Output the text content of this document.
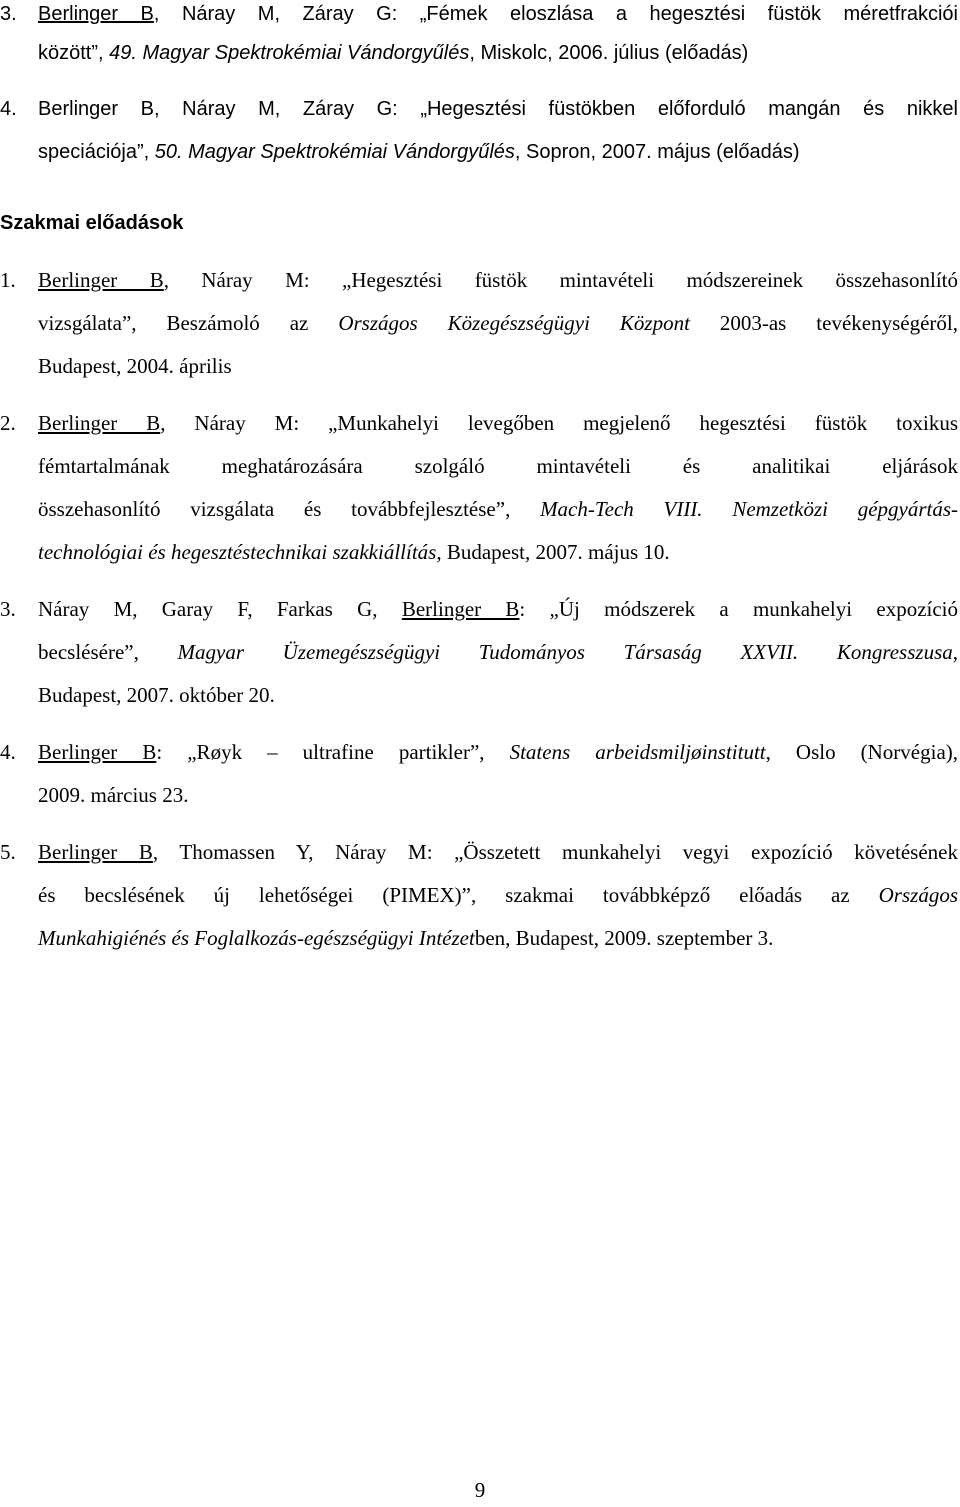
3. Berlinger B, Náray M, Záray G: „Fémek eloszlása a hegesztési füstök méretfrakciói
között”, 49. Magyar Spektrokémiai Vándorgyűlés, Miskolc, 2006. július (előadás)
4. Berlinger B, Náray M, Záray G: „Hegesztési füstökben előforduló mangán és nikkel
speciációja”, 50. Magyar Spektrokémiai Vándorgyűlés, Sopron, 2007. május (előadás)
Szakmai előadások
1. Berlinger B, Náray M: „Hegesztési füstök mintavételi módszereinek összehasonlító
vizsgálata”, Beszámoló az Országos Közegészségügyi Központ 2003-as tevékenységéről,
Budapest, 2004. április
2. Berlinger B, Náray M: „Munkahelyi levegőben megjelenő hegesztési füstök toxikus
fémtartalmának meghatározására szolgáló mintavételi és analitikai eljárások
összehasonlító vizsgálata és továbbfejlesztése”, Mach-Tech VIII. Nemzetközi gépgyártás-
technológiai és hegesztéstechnikai szakkiállítás, Budapest, 2007. május 10.
3. Náray M, Garay F, Farkas G, Berlinger B: „Új módszerek a munkahelyi expozíció
becslésére”, Magyar Üzemegészségügyi Tudományos Társaság XXVII. Kongresszusa,
Budapest, 2007. október 20.
4. Berlinger B: „Røyk – ultrafine partikler”, Statens arbeidsmiljøinstitutt, Oslo (Norvégia),
2009. március 23.
5. Berlinger B, Thomassen Y, Náray M: „Összetett munkahelyi vegyi expozíció követésének
és becslésének új lehetőségei (PIMEX)”, szakmai továbbképző előadás az Országos
Munkahigiénés és Foglalkozás-egészségügyi Intézetben, Budapest, 2009. szeptember 3.
9
